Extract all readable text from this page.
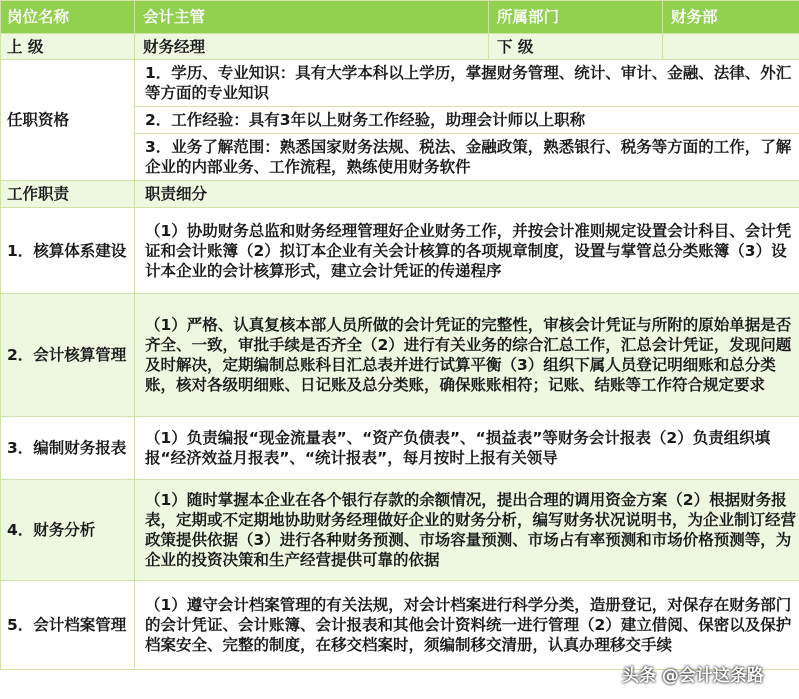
岗位名称	会计主管	所属部门	财务部
上 级	财务经理	下 级	
任职资格	1．学历、专业知识：具有大学本科以上学历，掌握财务管理、统计、审计、金融、法律、外汇等方面的专业知识		
	2．工作经验：具有3年以上财务工作经验，助理会计师以上职称		
	3．业务了解范围：熟悉国家财务法规、税法、金融政策，熟悉银行、税务等方面的工作，了解企业的内部业务、工作流程，熟练使用财务软件		
工作职责	职责细分		
1．核算体系建设	（1）协助财务总监和财务经理管理好企业财务工作，并按会计准则规定设置会计科目、会计凭证和会计账簿（2）拟订本企业有关会计核算的各项规章制度，设置与掌管总分类账簿（3）设计本企业的会计核算形式，建立会计凭证的传递程序		
2．会计核算管理	（1）严格、认真复核本部人员所做的会计凭证的完整性，审核会计凭证与所附的原始单据是否齐全、一致，审批手续是否齐全（2）进行有关业务的综合汇总工作，汇总会计凭证，发现问题及时解决，定期编制总账科目汇总表并进行试算平衡（3）组织下属人员登记明细账和总分类账，核对各级明细账、日记账及总分类账，确保账账相符；记账、结账等工作符合规定要求		
3．编制财务报表	（1）负责编报“现金流量表”、“资产负债表”、“损益表”等财务会计报表（2）负责组织填报“经济效益月报表”、“统计报表”，每月按时上报有关领导		
4．财务分析	（1）随时掌握本企业在各个银行存款的余额情况，提出合理的调用资金方案（2）根据财务报表，定期或不定期地协助财务经理做好企业的财务分析，编写财务状况说明书，为企业制订经营政策提供依据（3）进行各种财务预测、市场容量预测、市场占有率预测和市场价格预测等，为企业的投资决策和生产经营提供可靠的依据		
5．会计档案管理	（1）遵守会计档案管理的有关法规，对会计档案进行科学分类，造册登记，对保存在财务部门的会计凭证、会计账簿、会计报表和其他会计资料统一进行管理（2）建立借阅、保密以及保护档案安全、完整的制度，在移交档案时，须编制移交清册，认真办理移交手续		
头条 @会计这条路
